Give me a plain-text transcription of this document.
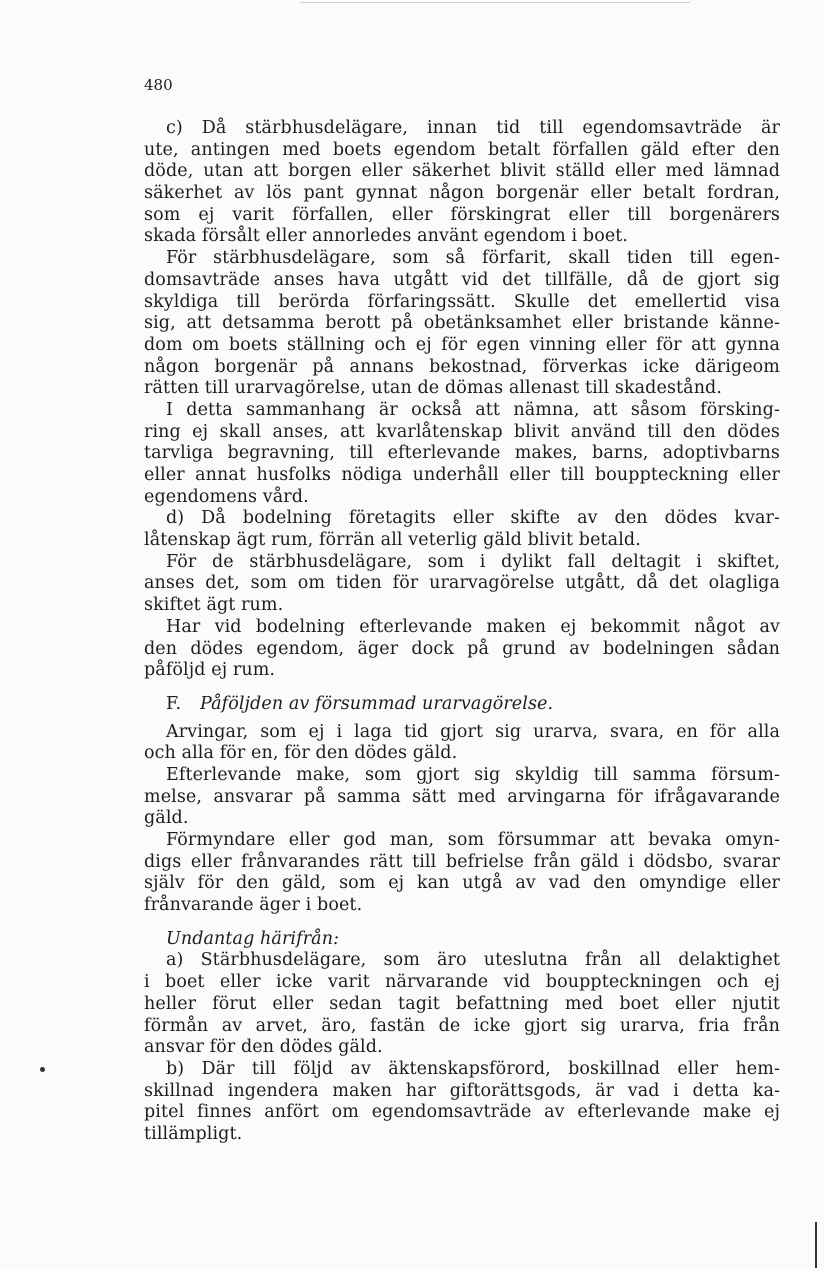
480
c) Då stärbhusdelägare, innan tid till egendomsavträde är
ute, antingen med boets egendom betalt förfallen gäld efter den
döde, utan att borgen eller säkerhet blivit ställd eller med lämnad
säkerhet av lös pant gynnat någon borgenär eller betalt fordran,
som ej varit förfallen, eller förskingrat eller till borgenärers
skada försålt eller annorledes använt egendom i boet.
För stärbhusdelägare, som så förfarit, skall tiden till egen-
domsavträde anses hava utgått vid det tillfälle, då de gjort sig
skyldiga till berörda förfaringssätt. Skulle det emellertid visa
sig, att detsamma berott på obetänksamhet eller bristande känne-
dom om boets ställning och ej för egen vinning eller för att gynna
någon borgenär på annans bekostnad, förverkas icke därigeom
rätten till urarvagörelse, utan de dömas allenast till skadestånd.
I detta sammanhang är också att nämna, att såsom försking-
ring ej skall anses, att kvarlåtenskap blivit använd till den dödes
tarvliga begravning, till efterlevande makes, barns, adoptivbarns
eller annat husfolks nödiga underhåll eller till bouppteckning eller
egendomens vård.
d) Då bodelning företagits eller skifte av den dödes kvar-
låtenskap ägt rum, förrän all veterlig gäld blivit betald.
För de stärbhusdelägare, som i dylikt fall deltagit i skiftet,
anses det, som om tiden för urarvagörelse utgått, då det olagliga
skiftet ägt rum.
Har vid bodelning efterlevande maken ej bekommit något av
den dödes egendom, äger dock på grund av bodelningen sådan
påföljd ej rum.
F. Påföljden av försummad urarvagörelse.
Arvingar, som ej i laga tid gjort sig urarva, svara, en för alla
och alla för en, för den dödes gäld.
Efterlevande make, som gjort sig skyldig till samma försum-
melse, ansvarar på samma sätt med arvingarna för ifrågavarande
gäld.
Förmyndare eller god man, som försummar att bevaka omyn-
digs eller frånvarandes rätt till befrielse från gäld i dödsbo, svarar
själv för den gäld, som ej kan utgå av vad den omyndige eller
frånvarande äger i boet.
Undantag härifrån:
a) Stärbhusdelägare, som äro uteslutna från all delaktighet
i boet eller icke varit närvarande vid bouppteckningen och ej
heller förut eller sedan tagit befattning med boet eller njutit
förmån av arvet, äro, fastän de icke gjort sig urarva, fria från
ansvar för den dödes gäld.
b) Där till följd av äktenskapsförord, boskillnad eller hem-
skillnad ingendera maken har giftorättsgods, är vad i detta ka-
pitel finnes anfört om egendomsavträde av efterlevande make ej
tillämpligt.
